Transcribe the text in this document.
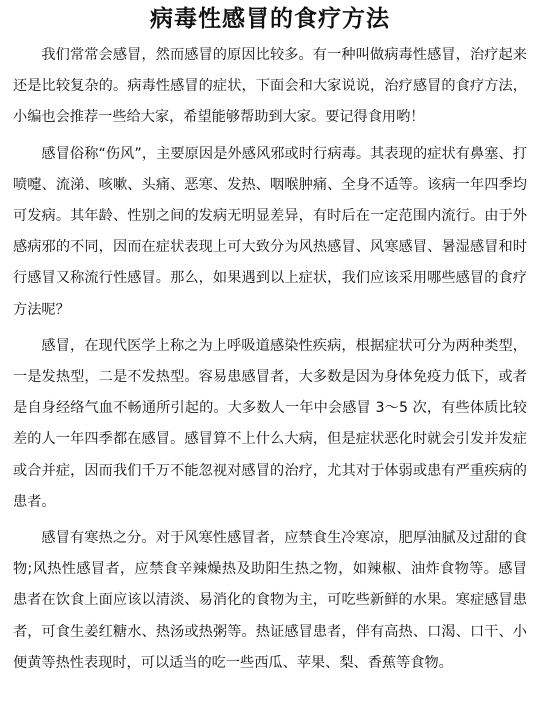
病毒性感冒的食疗方法

我们常常会感冒，然而感冒的原因比较多。有一种叫做病毒性感冒，治疗起来还是比较复杂的。病毒性感冒的症状，下面会和大家说说，治疗感冒的食疗方法，小编也会推荐一些给大家，希望能够帮助到大家。要记得食用哟！

感冒俗称“伤风”，主要原因是外感风邪或时行病毒。其表现的症状有鼻塞、打喷嚏、流涕、咳嗽、头痛、恶寒、发热、咽喉肿痛、全身不适等。该病一年四季均可发病。其年龄、性别之间的发病无明显差异，有时后在一定范围内流行。由于外感病邪的不同，因而在症状表现上可大致分为风热感冒、风寒感冒、暑湿感冒和时行感冒又称流行性感冒。那么，如果遇到以上症状，我们应该采用哪些感冒的食疗方法呢？

感冒，在现代医学上称之为上呼吸道感染性疾病，根据症状可分为两种类型，一是发热型，二是不发热型。容易患感冒者，大多数是因为身体免疫力低下，或者是自身经络气血不畅通所引起的。大多数人一年中会感冒 3～5 次，有些体质比较差的人一年四季都在感冒。感冒算不上什么大病，但是症状恶化时就会引发并发症或合并症，因而我们千万不能忽视对感冒的治疗，尤其对于体弱或患有严重疾病的患者。

感冒有寒热之分。对于风寒性感冒者，应禁食生冷寒凉，肥厚油腻及过甜的食物;风热性感冒者，应禁食辛辣燥热及助阳生热之物，如辣椒、油炸食物等。感冒患者在饮食上面应该以清淡、易消化的食物为主，可吃些新鲜的水果。寒症感冒患者，可食生姜红糖水、热汤或热粥等。热证感冒患者，伴有高热、口渴、口干、小便黄等热性表现时，可以适当的吃一些西瓜、苹果、梨、香蕉等食物。
